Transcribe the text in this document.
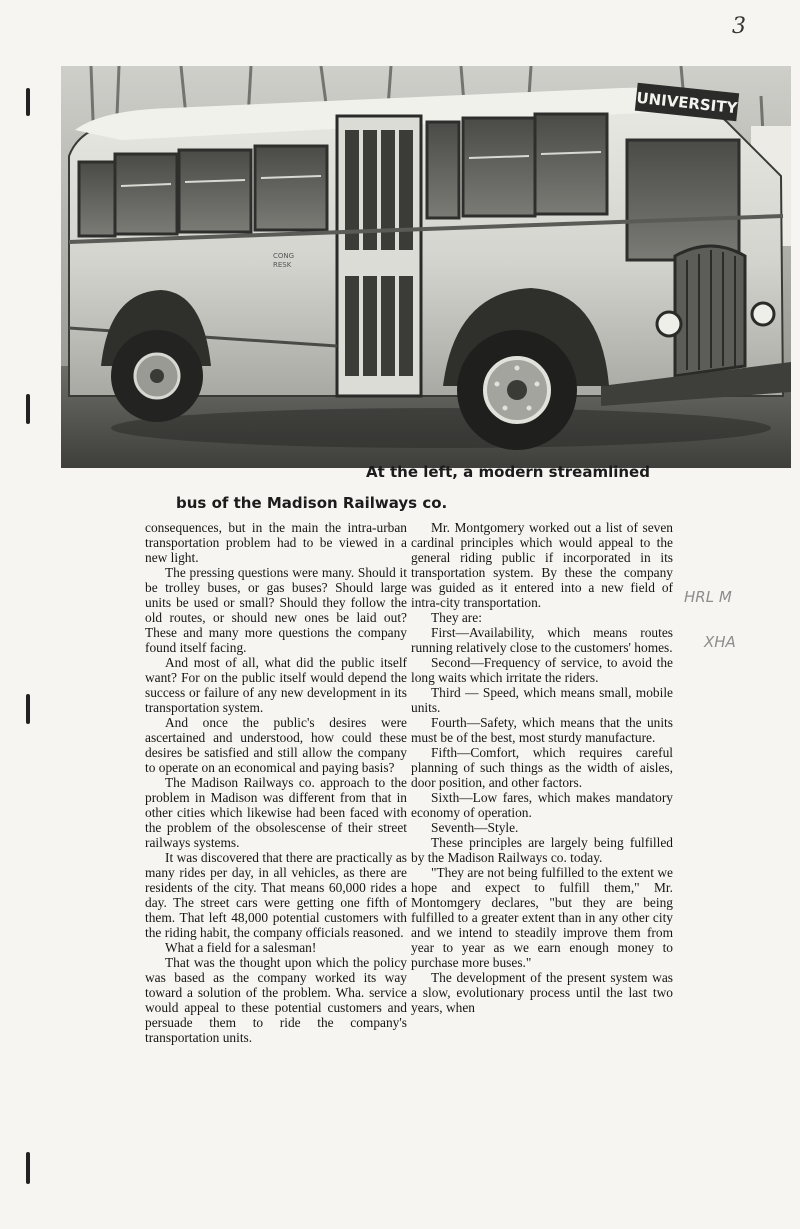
3
UNIVERSITY
CONG
RESK
At the left, a modern streamlined
bus of the Madison Railways co.

consequences, but in the main the intra-urban transportation problem had to be viewed in a new light.

The pressing questions were many. Should it be trolley buses, or gas buses? Should large units be used or small? Should they follow the old routes, or should new ones be laid out? These and many more questions the company found itself facing.

And most of all, what did the public itself want? For on the public itself would depend the success or failure of any new development in its transportation system.

And once the public's desires were ascertained and understood, how could these desires be satisfied and still allow the company to operate on an economical and paying basis?

The Madison Railways co. approach to the problem in Madison was different from that in other cities which likewise had been faced with the problem of the obsolescense of their street railways systems.

It was discovered that there are practically as many rides per day, in all vehicles, as there are residents of the city. That means 60,000 rides a day. The street cars were getting one fifth of them. That left 48,000 potential customers with the riding habit, the company officials reasoned.

What a field for a salesman!

That was the thought upon which the policy was based as the company worked its way toward a solution of the problem. Wha. service would appeal to these potential customers and persuade them to ride the company's transportation units.

Mr. Montgomery worked out a list of seven cardinal principles which would appeal to the general riding public if incorporated in its transportation system. By these the company was guided as it entered into a new field of intra-city transportation.

They are:

First—Availability, which means routes running relatively close to the customers' homes.

Second—Frequency of service, to avoid the long waits which irritate the riders.

Third — Speed, which means small, mobile units.

Fourth—Safety, which means that the units must be of the best, most sturdy manufacture.

Fifth—Comfort, which requires careful planning of such things as the width of aisles, door position, and other factors.

Sixth—Low fares, which makes mandatory economy of operation.

Seventh—Style.

These principles are largely being fulfilled by the Madison Railways co. today.

"They are not being fulfilled to the extent we hope and expect to fulfill them," Mr. Montomgery declares, "but they are being fulfilled to a greater extent than in any other city and we intend to steadily improve them from year to year as we earn enough money to purchase more buses."

The development of the present system was a slow, evolutionary process until the last two years, when

HRL M
XHA
